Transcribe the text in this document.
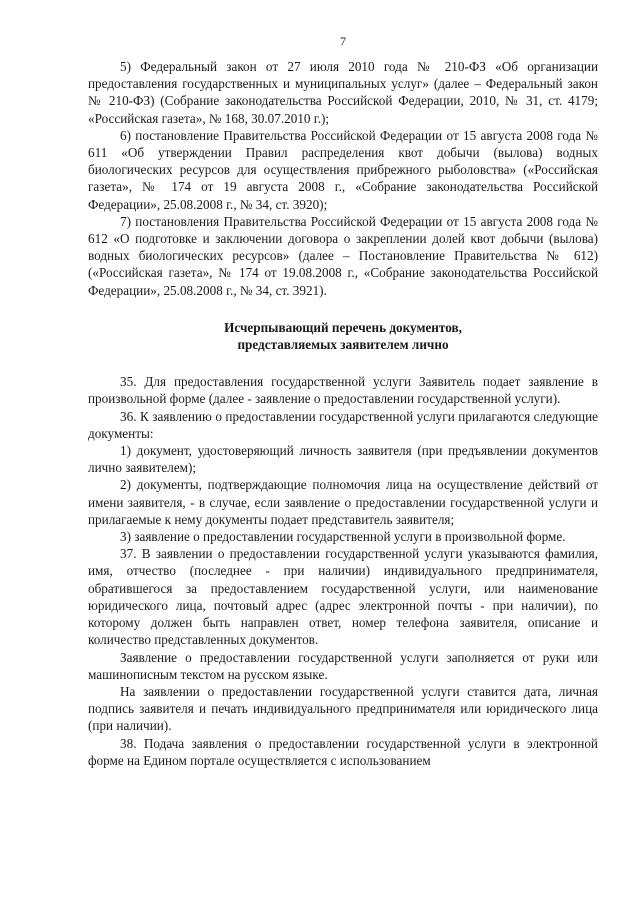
7

5) Федеральный закон от 27 июля 2010 года № 210-ФЗ «Об организации предоставления государственных и муниципальных услуг» (далее – Федеральный закон № 210-ФЗ) (Собрание законодательства Российской Федерации, 2010, № 31, ст. 4179; «Российская газета», № 168, 30.07.2010 г.);

6) постановление Правительства Российской Федерации от 15 августа 2008 года № 611 «Об утверждении Правил распределения квот добычи (вылова) водных биологических ресурсов для осуществления прибрежного рыболовства» («Российская газета», № 174 от 19 августа 2008 г., «Собрание законодательства Российской Федерации», 25.08.2008 г., № 34, ст. 3920);

7) постановления Правительства Российской Федерации от 15 августа 2008 года № 612 «О подготовке и заключении договора о закреплении долей квот добычи (вылова) водных биологических ресурсов» (далее – Постановление Правительства № 612) («Российская газета», № 174 от 19.08.2008 г., «Собрание законодательства Российской Федерации», 25.08.2008 г., № 34, ст. 3921).

Исчерпывающий перечень документов,
представляемых заявителем лично

35. Для предоставления государственной услуги Заявитель подает заявление в произвольной форме (далее - заявление о предоставлении государственной услуги).

36. К заявлению о предоставлении государственной услуги прилагаются следующие документы:

1) документ, удостоверяющий личность заявителя (при предъявлении документов лично заявителем);

2) документы, подтверждающие полномочия лица на осуществление действий от имени заявителя, - в случае, если заявление о предоставлении государственной услуги и прилагаемые к нему документы подает представитель заявителя;

3) заявление о предоставлении государственной услуги в произвольной форме.

37. В заявлении о предоставлении государственной услуги указываются фамилия, имя, отчество (последнее - при наличии) индивидуального предпринимателя, обратившегося за предоставлением государственной услуги, или наименование юридического лица, почтовый адрес (адрес электронной почты - при наличии), по которому должен быть направлен ответ, номер телефона заявителя, описание и количество представленных документов.

Заявление о предоставлении государственной услуги заполняется от руки или машинописным текстом на русском языке.

На заявлении о предоставлении государственной услуги ставится дата, личная подпись заявителя и печать индивидуального предпринимателя или юридического лица (при наличии).

38. Подача заявления о предоставлении государственной услуги в электронной форме на Едином портале осуществляется с использованием
